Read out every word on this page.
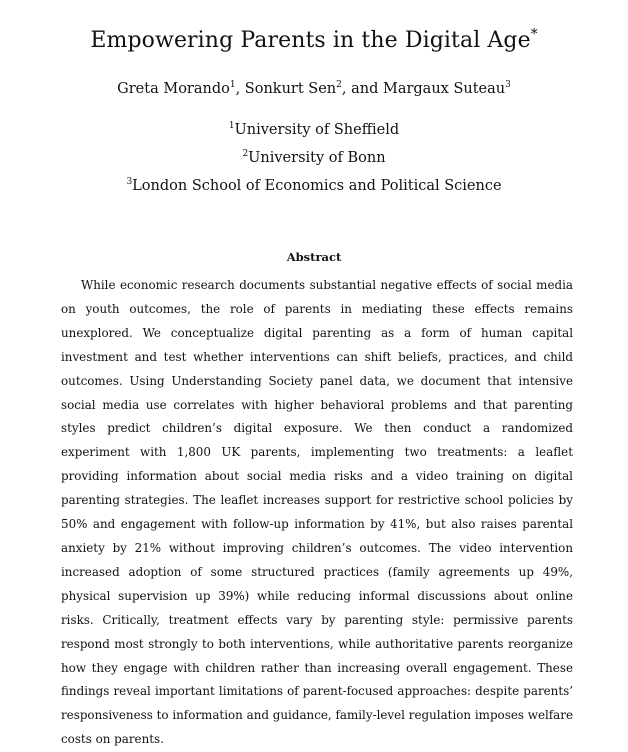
Empowering Parents in the Digital Age*
Greta Morando$^1$, Sonkurt Sen$^2$, and Margaux Suteau$^3$
$^1$University of Sheffield
$^2$University of Bonn
$^3$London School of Economics and Political Science
Abstract
While economic research documents substantial negative effects of social media on youth outcomes, the role of parents in mediating these effects remains unexplored. We conceptualize digital parenting as a form of human capital investment and test whether interventions can shift beliefs, practices, and child outcomes. Using Understanding Society panel data, we document that intensive social media use correlates with higher behavioral problems and that parenting styles predict children’s digital exposure. We then conduct a randomized experiment with 1,800 UK parents, implementing two treatments: a leaflet providing information about social media risks and a video training on digital parenting strategies. The leaflet increases support for restrictive school policies by 50% and engagement with follow-up information by 41%, but also raises parental anxiety by 21% without improving children’s outcomes. The video intervention increased adoption of some structured practices (family agreements up 49%, physical supervision up 39%) while reducing informal discussions about online risks. Critically, treatment effects vary by parenting style: permissive parents respond most strongly to both interventions, while authoritative parents reorganize how they engage with children rather than increasing overall engagement. These findings reveal important limitations of parent-focused approaches: despite parents’ responsiveness to information and guidance, family-level regulation imposes welfare costs on parents.
